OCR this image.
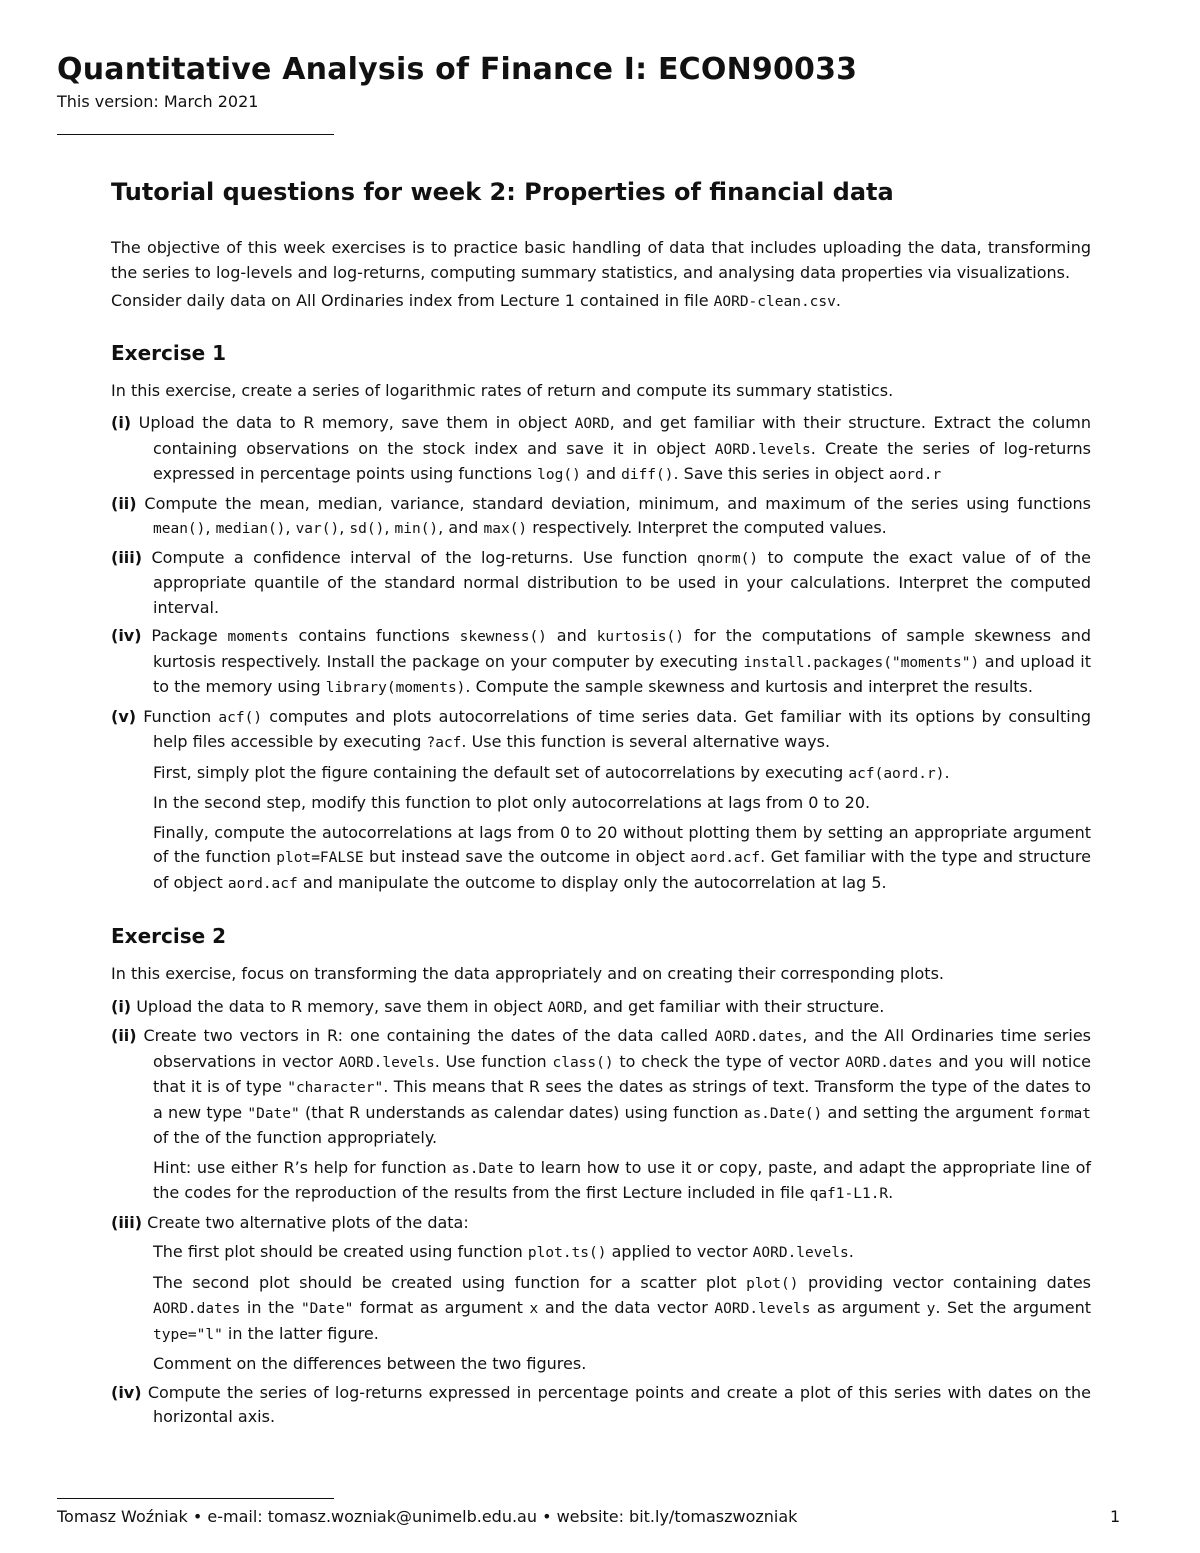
Quantitative Analysis of Finance I: ECON90033
This version: March 2021
Tutorial questions for week 2: Properties of financial data

The objective of this week exercises is to practice basic handling of data that includes uploading the data, transforming the series to log-levels and log-returns, computing summary statistics, and analysing data properties via visualizations.

Consider daily data on All Ordinaries index from Lecture 1 contained in file AORD-clean.csv.

Exercise 1

In this exercise, create a series of logarithmic rates of return and compute its summary statistics.

(i) Upload the data to R memory, save them in object AORD, and get familiar with their structure. Extract the column containing observations on the stock index and save it in object AORD.levels. Create the series of log-returns expressed in percentage points using functions log() and diff(). Save this series in object aord.r

(ii) Compute the mean, median, variance, standard deviation, minimum, and maximum of the series using functions mean(), median(), var(), sd(), min(), and max() respectively. Interpret the computed values.

(iii) Compute a confidence interval of the log-returns. Use function qnorm() to compute the exact value of of the appropriate quantile of the standard normal distribution to be used in your calculations. Interpret the computed interval.

(iv) Package moments contains functions skewness() and kurtosis() for the computations of sample skewness and kurtosis respectively. Install the package on your computer by executing install.packages("moments") and upload it to the memory using library(moments). Compute the sample skewness and kurtosis and interpret the results.

(v) Function acf() computes and plots autocorrelations of time series data. Get familiar with its options by consulting help files accessible by executing ?acf. Use this function is several alternative ways.

First, simply plot the figure containing the default set of autocorrelations by executing acf(aord.r).

In the second step, modify this function to plot only autocorrelations at lags from 0 to 20.

Finally, compute the autocorrelations at lags from 0 to 20 without plotting them by setting an appropriate argument of the function plot=FALSE but instead save the outcome in object aord.acf. Get familiar with the type and structure of object aord.acf and manipulate the outcome to display only the autocorrelation at lag 5.

Exercise 2

In this exercise, focus on transforming the data appropriately and on creating their corresponding plots.

(i) Upload the data to R memory, save them in object AORD, and get familiar with their structure.

(ii) Create two vectors in R: one containing the dates of the data called AORD.dates, and the All Ordinaries time series observations in vector AORD.levels. Use function class() to check the type of vector AORD.dates and you will notice that it is of type "character". This means that R sees the dates as strings of text. Transform the type of the dates to a new type "Date" (that R understands as calendar dates) using function as.Date() and setting the argument format of the of the function appropriately.

Hint: use either R’s help for function as.Date to learn how to use it or copy, paste, and adapt the appropriate line of the codes for the reproduction of the results from the first Lecture included in file qaf1-L1.R.

(iii) Create two alternative plots of the data:

The first plot should be created using function plot.ts() applied to vector AORD.levels.

The second plot should be created using function for a scatter plot plot() providing vector containing dates AORD.dates in the "Date" format as argument x and the data vector AORD.levels as argument y. Set the argument type="l" in the latter figure.

Comment on the differences between the two figures.

(iv) Compute the series of log-returns expressed in percentage points and create a plot of this series with dates on the horizontal axis.

Tomasz Woźniak • e-mail: tomasz.wozniak@unimelb.edu.au • website: bit.ly/tomaszwozniak	1
